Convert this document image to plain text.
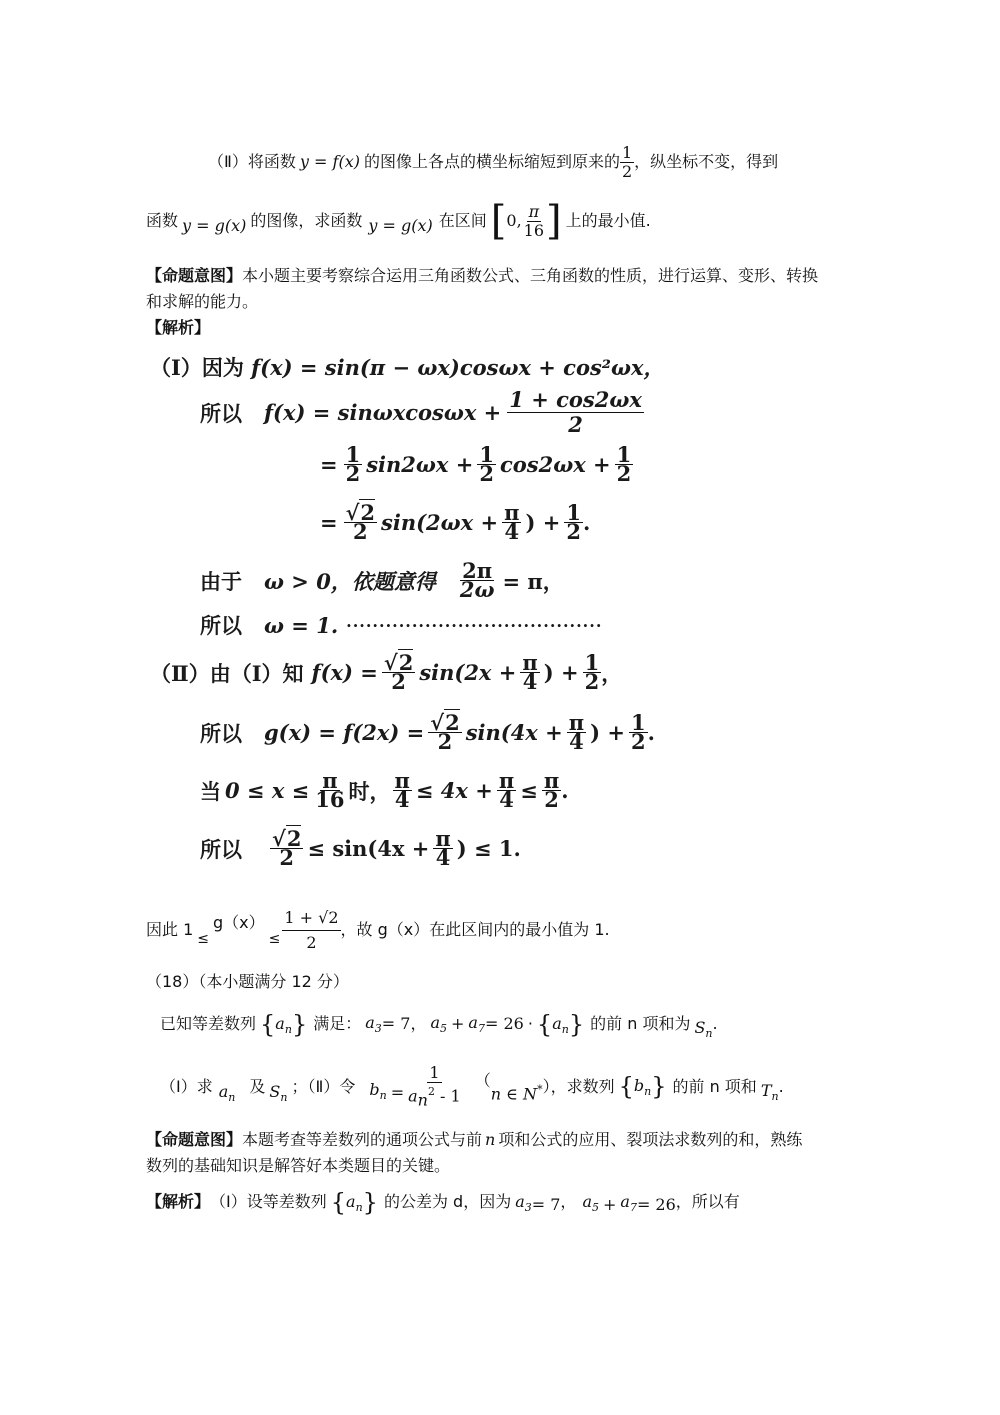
（Ⅱ） 将函数 y = f(x) 的图像上各点的横坐标缩短到原来的 $\frac{1}{2}$ ，纵坐标不变，得到
函数 y = g(x) 的图像，求函数 y = g(x) 在区间 [ 0, $\frac{\pi}{16}$ ] 上的最小值.
【命题意图】本小题主要考察综合运用三角函数公式、三角函数的性质，进行运算、变形、转换
和求解的能力。
【解析】
（Ⅰ）因为 f(x) = sin(π − ωx)cosωx + cos²ωx，
所以 $f(x) = \sin\omega xcos\omega x + \frac{1 + \cos 2\omega x}{2}$
= $\frac{1}{2} \sin 2\omega x + \frac{1}{2} \cos 2\omega x + \frac{1}{2}$
= $\frac{√2}{2} \sin(2\omega x + \frac{\pi}{4}$ ) + $\frac{1}{2}$ .
由于 ω > 0，依题意得 $\frac{2\pi}{2\omega} = \pi$，
所以 ω = 1. ·······································
（Ⅱ）由（Ⅰ）知 $f(x) = \frac{√2}{2} \sin(2x + \frac{\pi}{4}$ ) + $\frac{1}{2}$ ，
所以 $g(x) = f(2x) = \frac{√2}{2} \sin(4x + \frac{\pi}{4}$ ) + $\frac{1}{2}$ .
当 $0 \le x \le \frac{\pi}{16}$ 时， $\frac{\pi}{4} \le 4x + \frac{\pi}{4} \le \frac{\pi}{2}$ .
所以 $\frac{√2}{2} \le \sin(4x + \frac{\pi}{4}$ ) ≤ 1.
因此 1 ≤
g（x）
≤ $\frac{1 + √2}{2}$ ，故 g（x）在此区间内的最小值为 1.
（18）（本小题满分 12 分）
已知等差数列 $\{a_n\}$ 满足： $a_3 = 7$ ， $a_5 + a_7 = 26 \cdot \{a_n\}$ 的前 n 项和为 $S_n$
.
（Ⅰ）求 $a_n$
及 $S_n$
；（Ⅱ）令 $b_n = \frac{1}{a_n^2 - 1}$ （
n ∈ N* ），求数列 $\{b_n\}$ 的前 n 项和 $T_n$
.
【命题意图】本题考查等差数列的通项公式与前 n 项和公式的应用、裂项法求数列的和，熟练
数列的基础知识是解答好本类题目的关键。
【解析】 （Ⅰ）设等差数列 $\{a_n\}$ 的公差为 d，因为 $a_3 = 7$ ， $a_5 + a_7 = 26$ ，所以有
